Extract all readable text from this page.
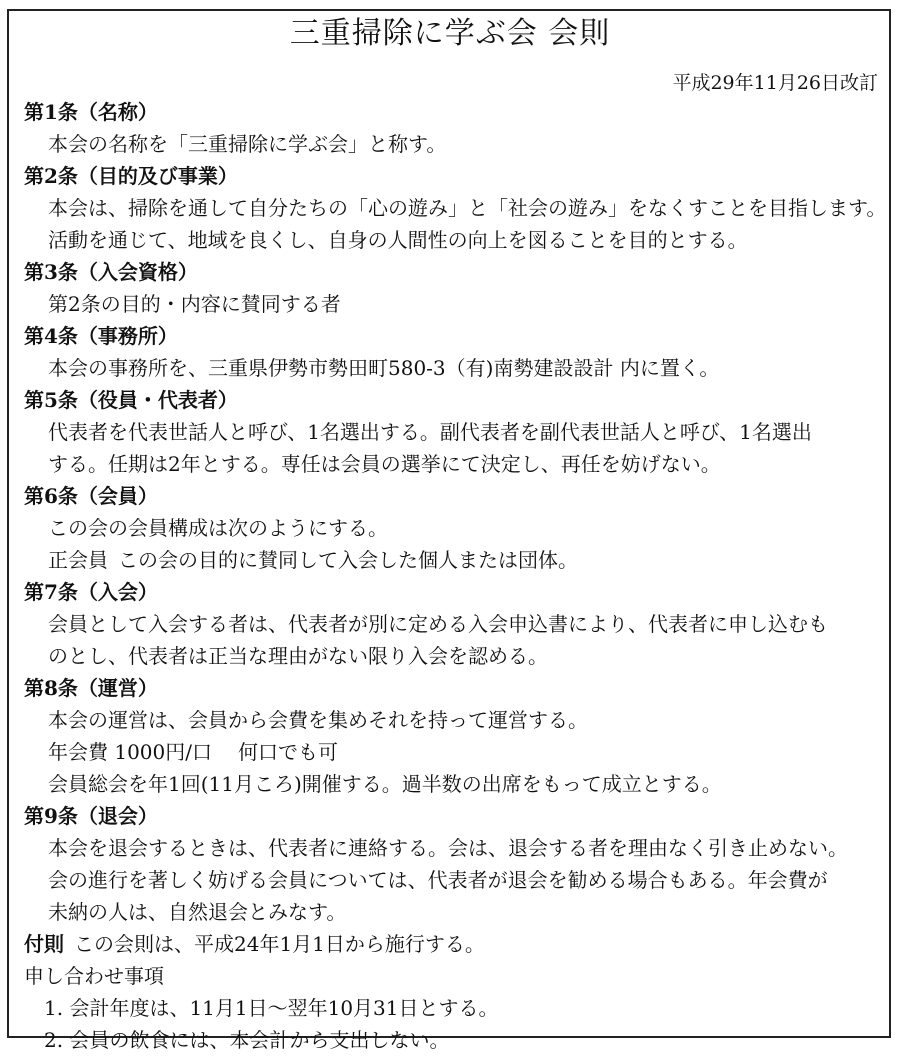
三重掃除に学ぶ会 会則
平成29年11月26日改訂
第1条（名称）
本会の名称を「三重掃除に学ぶ会」と称す。
第2条（目的及び事業）
本会は、掃除を通して自分たちの「心の遊み」と「社会の遊み」をなくすことを目指します。
活動を通じて、地域を良くし、自身の人間性の向上を図ることを目的とする。
第3条（入会資格）
第2条の目的・内容に賛同する者
第4条（事務所）
本会の事務所を、三重県伊勢市勢田町580-3（有)南勢建設設計 内に置く。
第5条（役員・代表者）
代表者を代表世話人と呼び、1名選出する。副代表者を副代表世話人と呼び、1名選出
する。任期は2年とする。専任は会員の選挙にて決定し、再任を妨げない。
第6条（会員）
この会の会員構成は次のようにする。
正会員 この会の目的に賛同して入会した個人または団体。
第7条（入会）
会員として入会する者は、代表者が別に定める入会申込書により、代表者に申し込むも
のとし、代表者は正当な理由がない限り入会を認める。
第8条（運営）
本会の運営は、会員から会費を集めそれを持って運営する。
年会費 1000円/口 何口でも可
会員総会を年1回(11月ころ)開催する。過半数の出席をもって成立とする。
第9条（退会）
本会を退会するときは、代表者に連絡する。会は、退会する者を理由なく引き止めない。
会の進行を著しく妨げる会員については、代表者が退会を勧める場合もある。年会費が
未納の人は、自然退会とみなす。
付則 この会則は、平成24年1月1日から施行する。
申し合わせ事項
1. 会計年度は、11月1日～翌年10月31日とする。
2. 会員の飲食には、本会計から支出しない。
